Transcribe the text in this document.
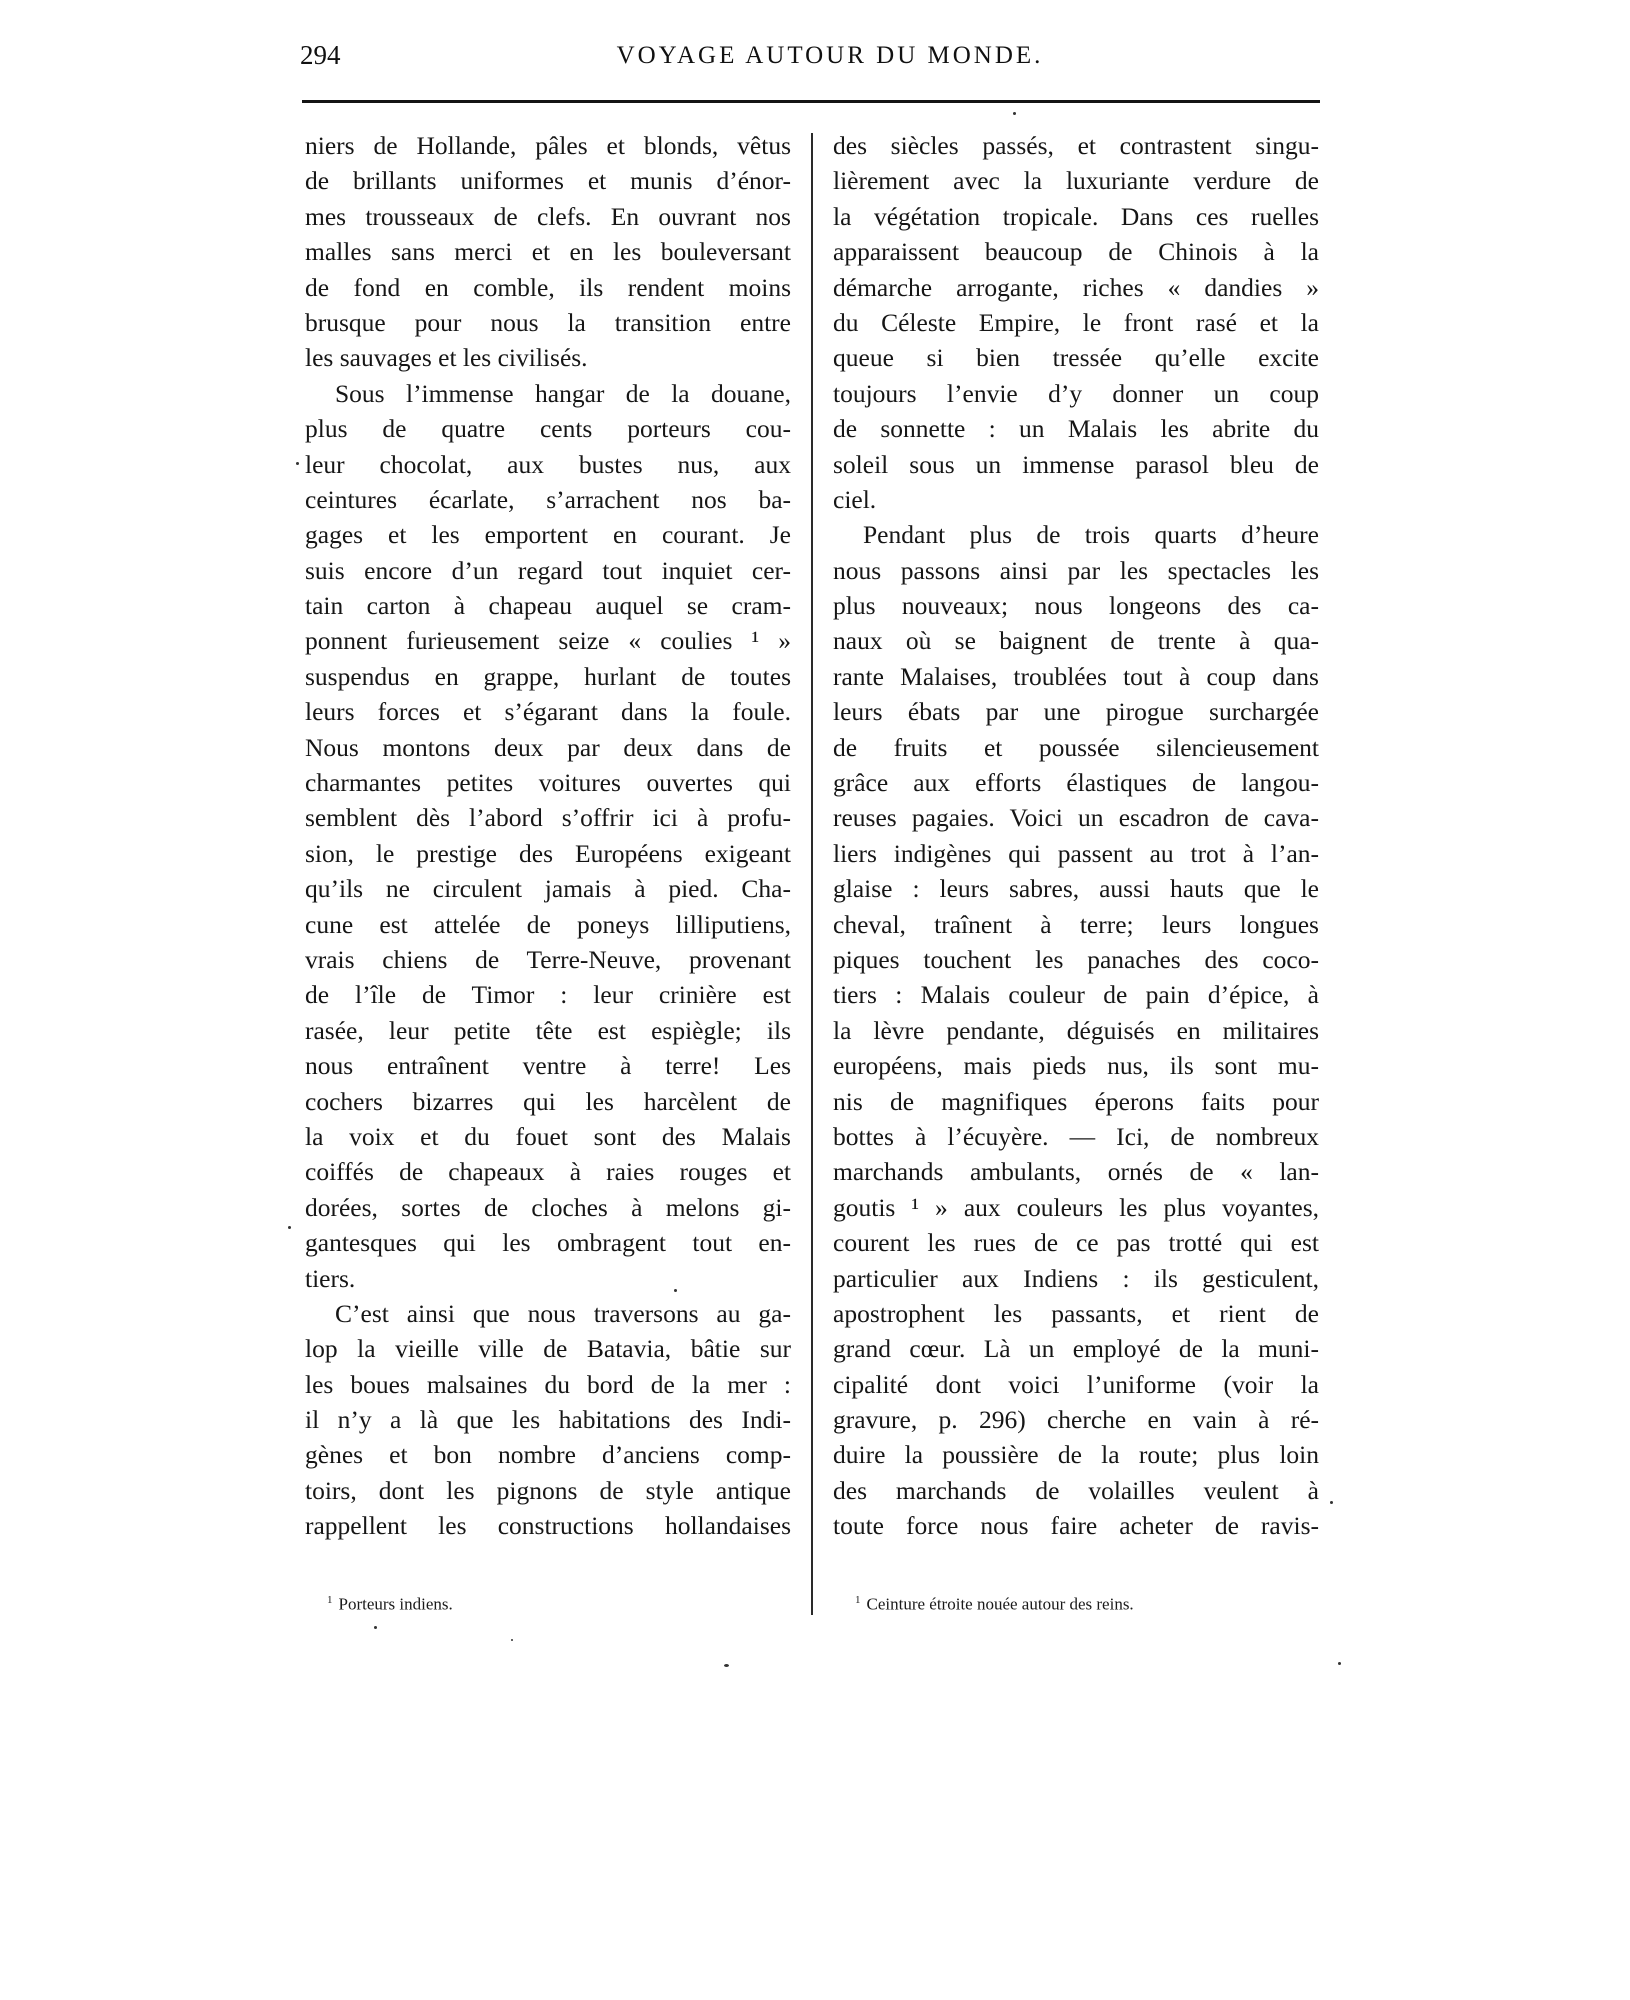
294	VOYAGE AUTOUR DU MONDE.
niers de Hollande, pâles et blonds, vêtus
de brillants uniformes et munis d’énor-
mes trousseaux de clefs. En ouvrant nos
malles sans merci et en les bouleversant
de fond en comble, ils rendent moins
brusque pour nous la transition entre
les sauvages et les civilisés.
Sous l’immense hangar de la douane,
plus de quatre cents porteurs cou-
leur chocolat, aux bustes nus, aux
ceintures écarlate, s’arrachent nos ba-
gages et les emportent en courant. Je
suis encore d’un regard tout inquiet cer-
tain carton à chapeau auquel se cram-
ponnent furieusement seize « coulies ¹ »
suspendus en grappe, hurlant de toutes
leurs forces et s’égarant dans la foule.
Nous montons deux par deux dans de
charmantes petites voitures ouvertes qui
semblent dès l’abord s’offrir ici à profu-
sion, le prestige des Européens exigeant
qu’ils ne circulent jamais à pied. Cha-
cune est attelée de poneys lilliputiens,
vrais chiens de Terre-Neuve, provenant
de l’île de Timor : leur crinière est
rasée, leur petite tête est espiègle; ils
nous entraînent ventre à terre! Les
cochers bizarres qui les harcèlent de
la voix et du fouet sont des Malais
coiffés de chapeaux à raies rouges et
dorées, sortes de cloches à melons gi-
gantesques qui les ombragent tout en-
tiers.
C’est ainsi que nous traversons au ga-
lop la vieille ville de Batavia, bâtie sur
les boues malsaines du bord de la mer :
il n’y a là que les habitations des Indi-
gènes et bon nombre d’anciens comp-
toirs, dont les pignons de style antique
rappellent les constructions hollandaises
des siècles passés, et contrastent singu-
lièrement avec la luxuriante verdure de
la végétation tropicale. Dans ces ruelles
apparaissent beaucoup de Chinois à la
démarche arrogante, riches « dandies »
du Céleste Empire, le front rasé et la
queue si bien tressée qu’elle excite
toujours l’envie d’y donner un coup
de sonnette : un Malais les abrite du
soleil sous un immense parasol bleu de
ciel.
Pendant plus de trois quarts d’heure
nous passons ainsi par les spectacles les
plus nouveaux; nous longeons des ca-
naux où se baignent de trente à qua-
rante Malaises, troublées tout à coup dans
leurs ébats par une pirogue surchargée
de fruits et poussée silencieusement
grâce aux efforts élastiques de langou-
reuses pagaies. Voici un escadron de cava-
liers indigènes qui passent au trot à l’an-
glaise : leurs sabres, aussi hauts que le
cheval, traînent à terre; leurs longues
piques touchent les panaches des coco-
tiers : Malais couleur de pain d’épice, à
la lèvre pendante, déguisés en militaires
européens, mais pieds nus, ils sont mu-
nis de magnifiques éperons faits pour
bottes à l’écuyère. — Ici, de nombreux
marchands ambulants, ornés de « lan-
goutis ¹ » aux couleurs les plus voyantes,
courent les rues de ce pas trotté qui est
particulier aux Indiens : ils gesticulent,
apostrophent les passants, et rient de
grand cœur. Là un employé de la muni-
cipalité dont voici l’uniforme (voir la
gravure, p. 296) cherche en vain à ré-
duire la poussière de la route; plus loin
des marchands de volailles veulent à
toute force nous faire acheter de ravis-
$^1$ Porteurs indiens.	$^1$ Ceinture étroite nouée autour des reins.
